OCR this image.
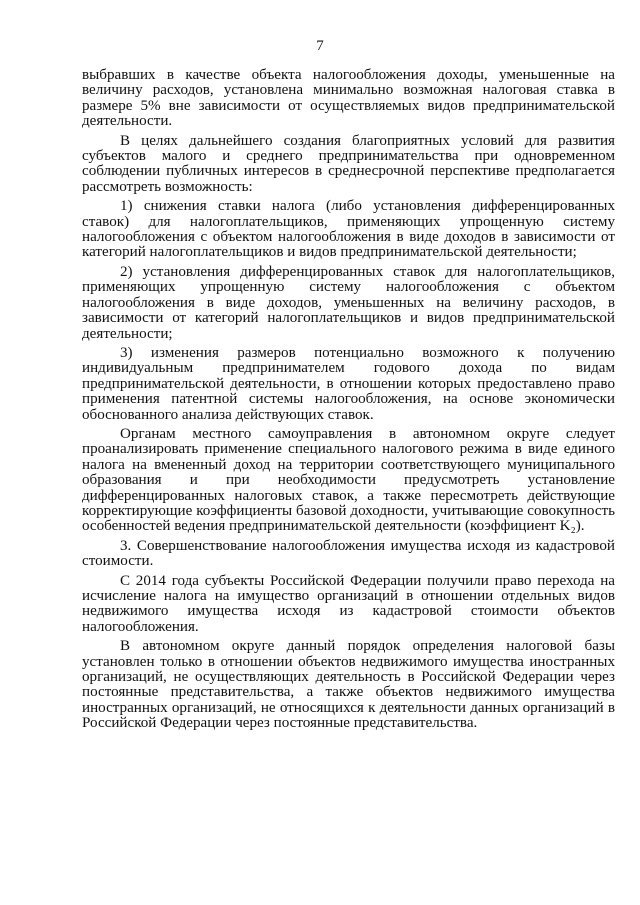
7

выбравших в качестве объекта налогообложения доходы, уменьшенные на величину расходов, установлена минимально возможная налоговая ставка в размере 5% вне зависимости от осуществляемых видов предпринимательской деятельности.

В целях дальнейшего создания благоприятных условий для развития субъектов малого и среднего предпринимательства при одновременном соблюдении публичных интересов в среднесрочной перспективе предполагается рассмотреть возможность:

1) снижения ставки налога (либо установления дифференцированных ставок) для налогоплательщиков, применяющих упрощенную систему налогообложения с объектом налогообложения в виде доходов в зависимости от категорий налогоплательщиков и видов предпринимательской деятельности;

2) установления дифференцированных ставок для налогоплательщиков, применяющих упрощенную систему налогообложения с объектом налогообложения в виде доходов, уменьшенных на величину расходов, в зависимости от категорий налогоплательщиков и видов предпринимательской деятельности;

3) изменения размеров потенциально возможного к получению индивидуальным предпринимателем годового дохода по видам предпринимательской деятельности, в отношении которых предоставлено право применения патентной системы налогообложения, на основе экономически обоснованного анализа действующих ставок.

Органам местного самоуправления в автономном округе следует проанализировать применение специального налогового режима в виде единого налога на вмененный доход на территории соответствующего муниципального образования и при необходимости предусмотреть установление дифференцированных налоговых ставок, а также пересмотреть действующие корректирующие коэффициенты базовой доходности, учитывающие совокупность особенностей ведения предпринимательской деятельности (коэффициент K₂).

3. Совершенствование налогообложения имущества исходя из кадастровой стоимости.

С 2014 года субъекты Российской Федерации получили право перехода на исчисление налога на имущество организаций в отношении отдельных видов недвижимого имущества исходя из кадастровой стоимости объектов налогообложения.

В автономном округе данный порядок определения налоговой базы установлен только в отношении объектов недвижимого имущества иностранных организаций, не осуществляющих деятельность в Российской Федерации через постоянные представительства, а также объектов недвижимого имущества иностранных организаций, не относящихся к деятельности данных организаций в Российской Федерации через постоянные представительства.
